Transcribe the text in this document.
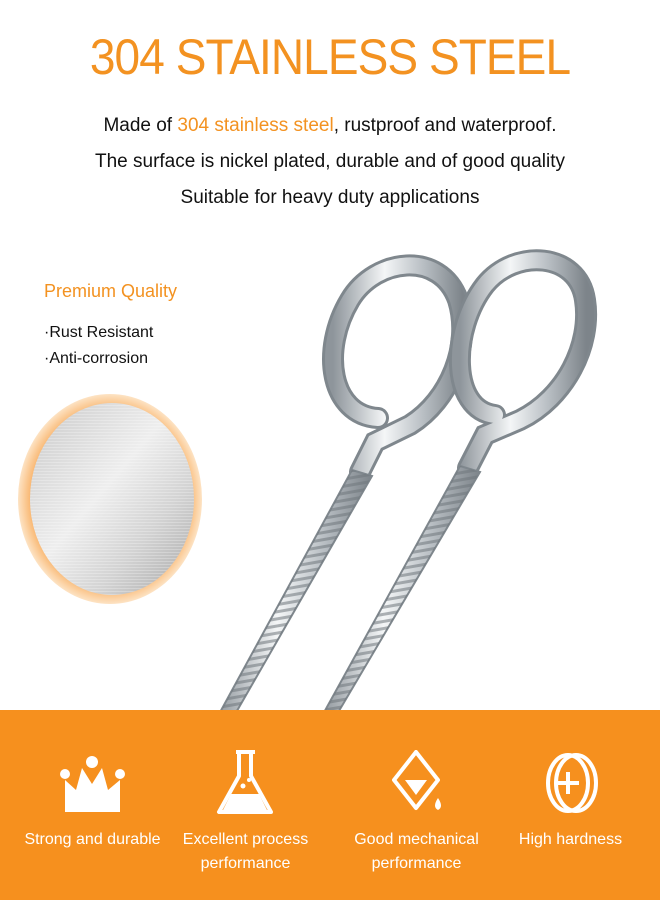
304 STAINLESS STEEL
Made of 304 stainless steel, rustproof and waterproof.
The surface is nickel plated, durable and of good quality
Suitable for heavy duty applications
Premium Quality
·Rust Resistant
·Anti-corrosion
Strong and durable	Excellent process
performance
Good mechanical
performance
High hardness
